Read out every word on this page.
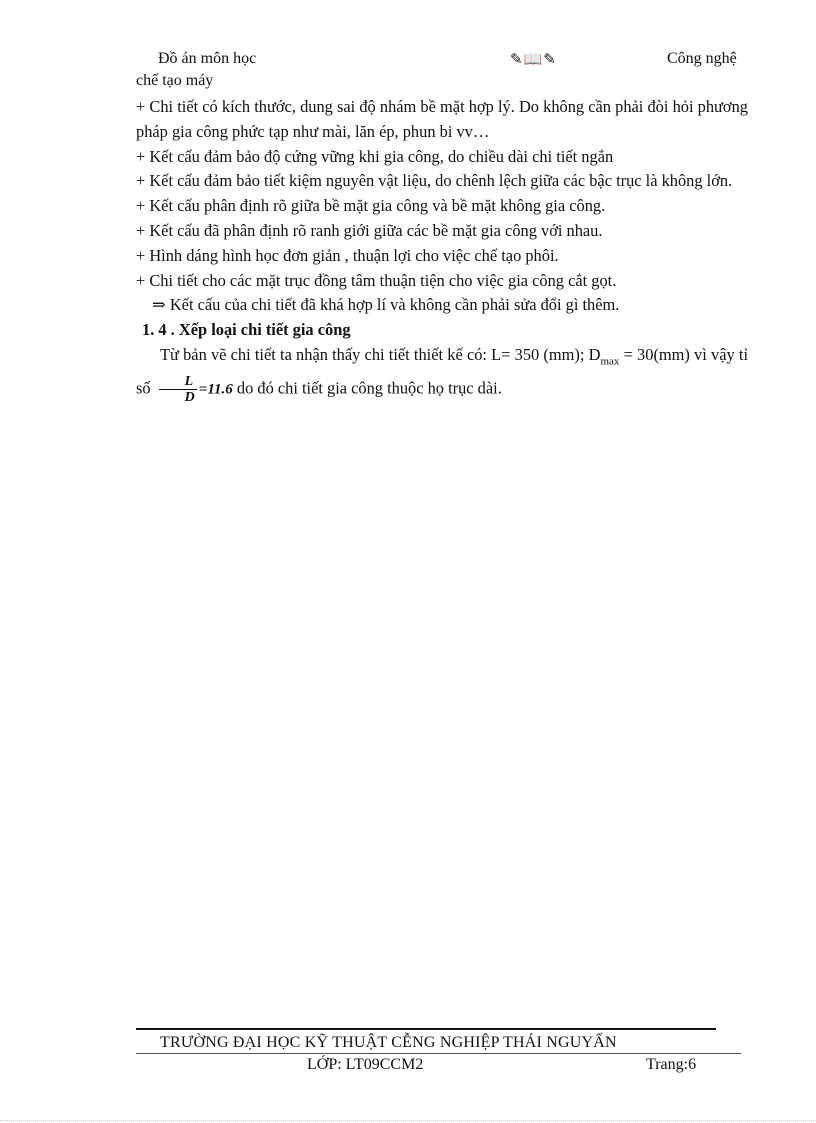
Đồ án môn học	✎📖✎	Công nghệ
chế tạo máy

+ Chi tiết có kích thước, dung sai độ nhám bề mặt hợp lý. Do không cần phải đòi hỏi phương pháp gia công phức tạp như mài, lăn ép, phun bi vv…

+ Kết cấu đảm bảo độ cứng vững khi gia công, do chiều dài chi tiết ngắn

+ Kết cấu đảm bảo tiết kiệm nguyên vật liệu, do chênh lệch giữa các bậc trục là không lớn.

+ Kết cấu phân định rõ giữa bề mặt gia công và bề mặt không gia công.

+ Kết cấu đã phân định rõ ranh giới giữa các bề mặt gia công với nhau.

+ Hình dáng hình học đơn giản , thuận lợi cho việc chế tạo phôi.

+ Chi tiết cho các mặt trục đồng tâm thuận tiện cho việc gia công cắt gọt.

⇒ Kết cấu của chi tiết đã khá hợp lí và không cần phải sửa đổi gì thêm.

1. 4 . Xếp loại chi tiết gia công

Từ bản vẽ chi tiết ta nhận thấy chi tiết thiết kế có: L= 350 (mm); $D_{max} = 30(mm)$ vì vậy tỉ số $\frac{L}{D} =11.6$ do đó chi tiết gia công thuộc họ trục dài.

TRƯỜNG ĐẠI HỌC KỸ THUẬT CỄNG NGHIỆP THÁI NGUYẤN
LỚP: LT09CCM2	Trang:6
